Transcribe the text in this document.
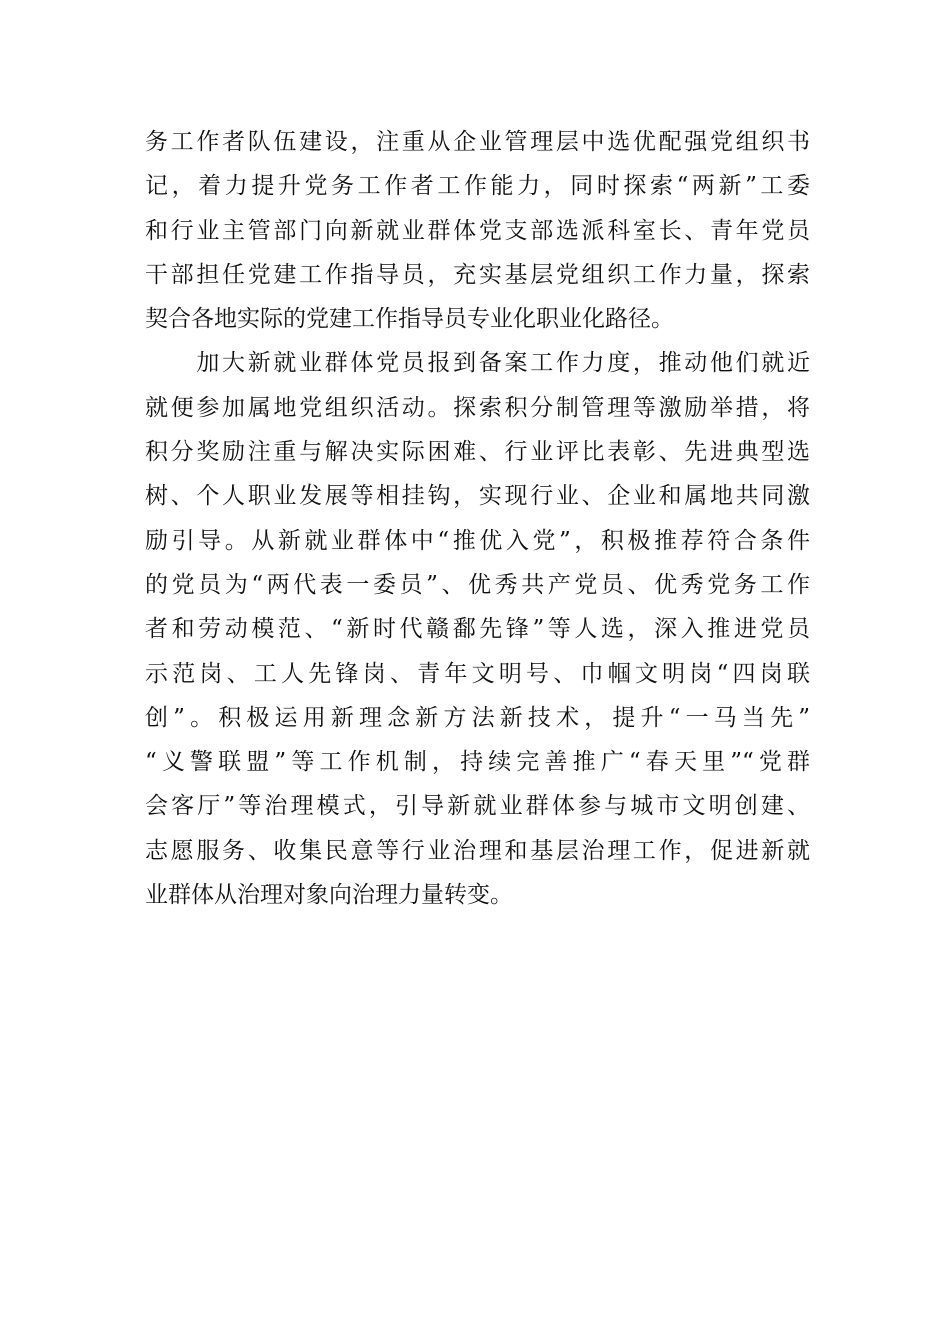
务工作者队伍建设，注重从企业管理层中选优配强党组织书
记，着力提升党务工作者工作能力，同时探索“两新”工委
和行业主管部门向新就业群体党支部选派科室长、青年党员
干部担任党建工作指导员，充实基层党组织工作力量，探索
契合各地实际的党建工作指导员专业化职业化路径。
　　加大新就业群体党员报到备案工作力度，推动他们就近
就便参加属地党组织活动。探索积分制管理等激励举措，将
积分奖励注重与解决实际困难、行业评比表彰、先进典型选
树、个人职业发展等相挂钩，实现行业、企业和属地共同激
励引导。从新就业群体中“推优入党”，积极推荐符合条件
的党员为“两代表一委员”、优秀共产党员、优秀党务工作
者和劳动模范、“新时代赣鄱先锋”等人选，深入推进党员
示范岗、工人先锋岗、青年文明号、巾帼文明岗“四岗联
创”。积极运用新理念新方法新技术，提升“一马当先”
“义警联盟”等工作机制，持续完善推广“春天里”“党群
会客厅”等治理模式，引导新就业群体参与城市文明创建、
志愿服务、收集民意等行业治理和基层治理工作，促进新就
业群体从治理对象向治理力量转变。
